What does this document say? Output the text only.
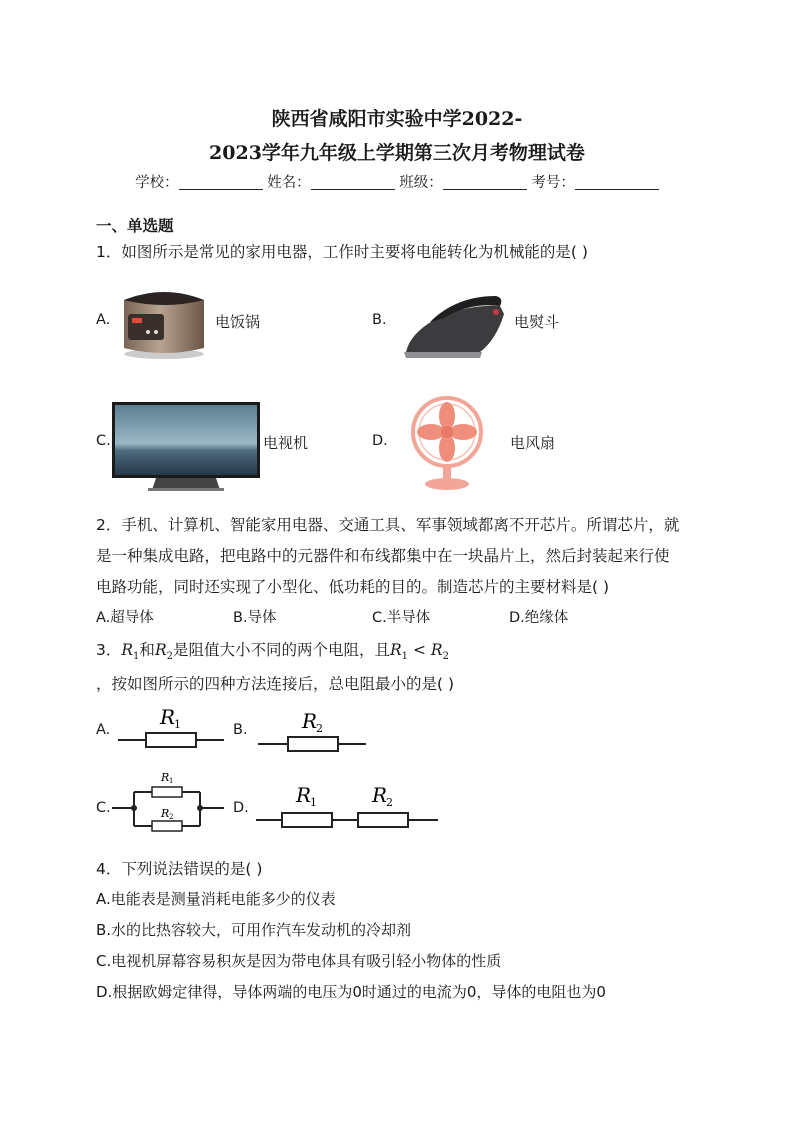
陕西省咸阳市实验中学2022-
2023学年九年级上学期第三次月考物理试卷
学校：	姓名：	班级：	考号：
一、单选题
1．如图所示是常见的家用电器，工作时主要将电能转化为机械能的是( )
A.	电饭锅	B.	电熨斗
C.	电视机	D.	电风扇
2．手机、计算机、智能家用电器、交通工具、军事领域都离不开芯片。所谓芯片，就
是一种集成电路，把电路中的元器件和布线都集中在一块晶片上，然后封装起来行使
电路功能，同时还实现了小型化、低功耗的目的。制造芯片的主要材料是( )
A.超导体	B.导体	C.半导体	D.绝缘体
3．$R_1$和$R_2$是阻值大小不同的两个电阻，且$R_1 < R_2$
，按如图所示的四种方法连接后，总电阻最小的是( )
A.
R
1	B.	R
2
C.
R 1
R 2
D.
R
1	R
2
4．下列说法错误的是( )
A.电能表是测量消耗电能多少的仪表
B.水的比热容较大，可用作汽车发动机的冷却剂
C.电视机屏幕容易积灰是因为带电体具有吸引轻小物体的性质
D.根据欧姆定律得，导体两端的电压为0时通过的电流为0，导体的电阻也为0
